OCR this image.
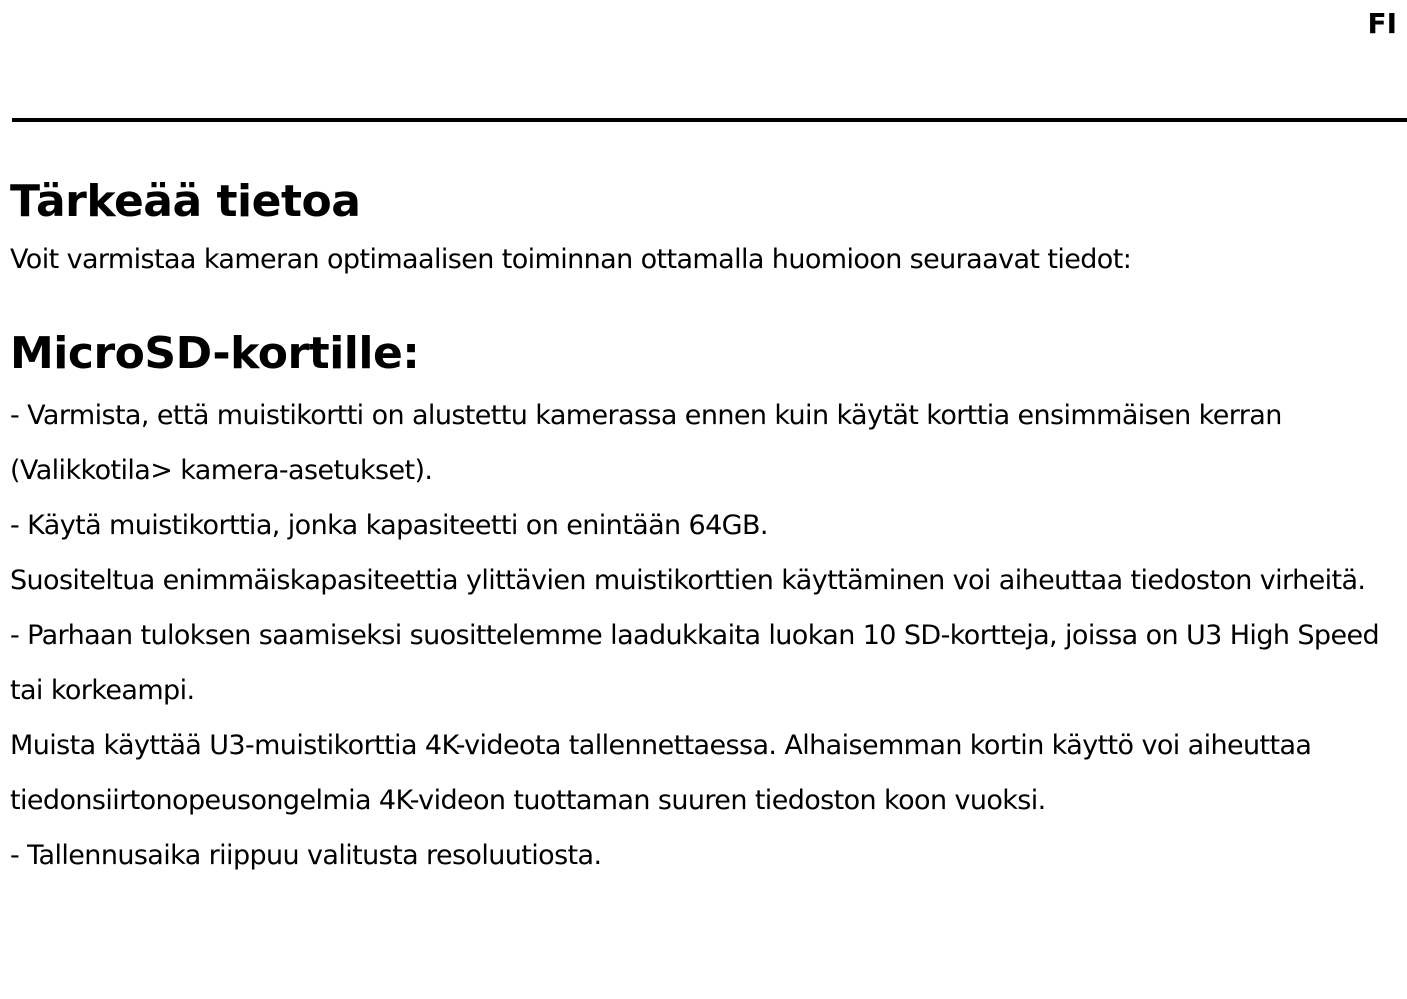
FI
Tärkeää tietoa

Voit varmistaa kameran optimaalisen toiminnan ottamalla huomioon seuraavat tiedot:

MicroSD-kortille:

- Varmista, että muistikortti on alustettu kamerassa ennen kuin käytät korttia ensimmäisen kerran (Valikkotila> kamera-asetukset).

- Käytä muistikorttia, jonka kapasiteetti on enintään 64GB.

Suositeltua enimmäiskapasiteettia ylittävien muistikorttien käyttäminen voi aiheuttaa tiedoston virheitä.

- Parhaan tuloksen saamiseksi suosittelemme laadukkaita luokan 10 SD-kortteja, joissa on U3 High Speed tai korkeampi.

Muista käyttää U3-muistikorttia 4K-videota tallennettaessa. Alhaisemman kortin käyttö voi aiheuttaa tiedonsiirtonopeusongelmia 4K-videon tuottaman suuren tiedoston koon vuoksi.

- Tallennusaika riippuu valitusta resoluutiosta.
